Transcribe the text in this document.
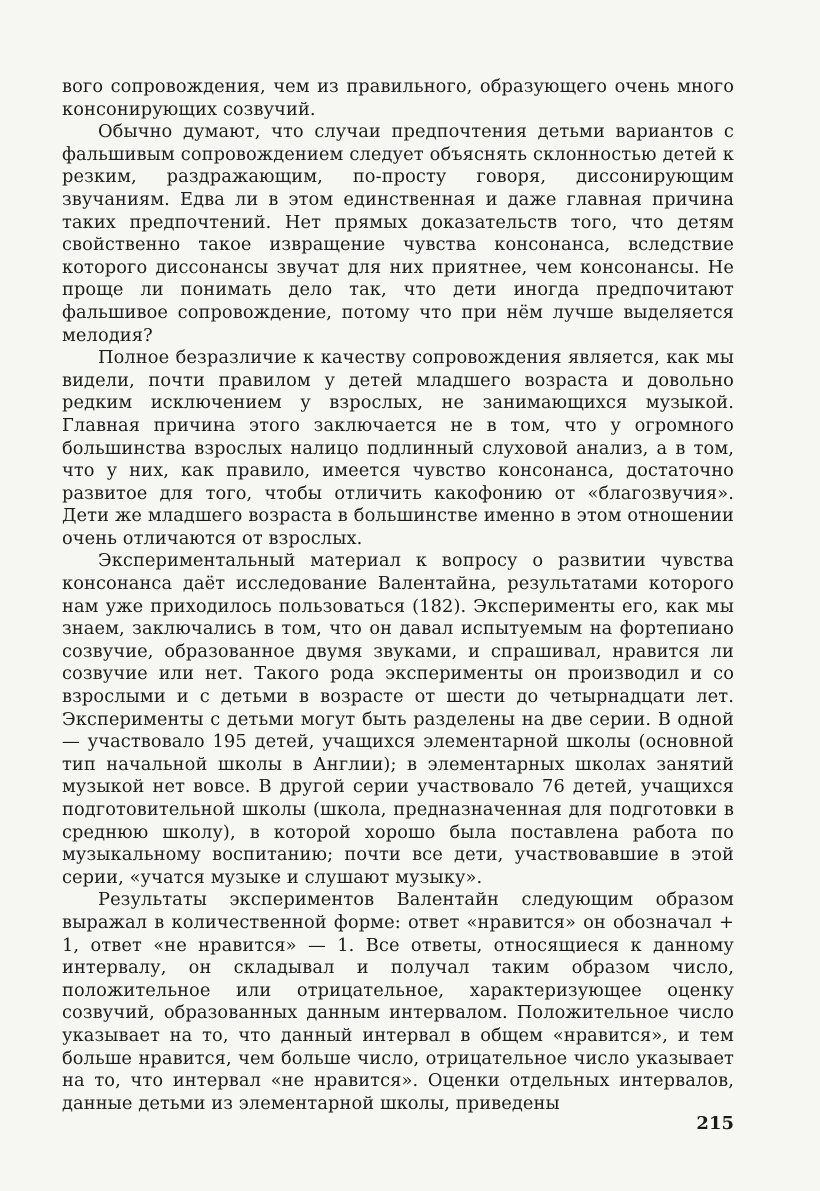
вого сопровождения, чем из правильного, образующего очень много консонирующих созвучий.

Обычно думают, что случаи предпочтения детьми вариантов с фальшивым сопровождением следует объяснять склонностью детей к резким, раздражающим, по-просту говоря, диссонирующим звучаниям. Едва ли в этом единственная и даже главная причина таких предпочтений. Нет прямых доказательств того, что детям свойственно такое извращение чувства консонанса, вследствие которого диссонансы звучат для них приятнее, чем консонансы. Не проще ли понимать дело так, что дети иногда предпочитают фальшивое сопровождение, потому что при нём лучше выделяется мелодия?

Полное безразличие к качеству сопровождения является, как мы видели, почти правилом у детей младшего возраста и довольно редким исключением у взрослых, не занимающихся музыкой. Главная причина этого заключается не в том, что у огромного большинства взрослых налицо подлинный слуховой анализ, а в том, что у них, как правило, имеется чувство консонанса, достаточно развитое для того, чтобы отличить какофонию от «благозвучия». Дети же младшего возраста в большинстве именно в этом отношении очень отличаются от взрослых.

Экспериментальный материал к вопросу о развитии чувства консонанса даёт исследование Валентайна, результатами которого нам уже приходилось пользоваться (182). Эксперименты его, как мы знаем, заключались в том, что он давал испытуемым на фортепиано созвучие, образованное двумя звуками, и спрашивал, нравится ли созвучие или нет. Такого рода эксперименты он производил и со взрослыми и с детьми в возрасте от шести до четырнадцати лет. Эксперименты с детьми могут быть разделены на две серии. В одной — участвовало 195 детей, учащихся элементарной школы (основной тип начальной школы в Англии); в элементарных школах занятий музыкой нет вовсе. В другой серии участвовало 76 детей, учащихся подготовительной школы (школа, предназначенная для подготовки в среднюю школу), в которой хорошо была поставлена работа по музыкальному воспитанию; почти все дети, участвовавшие в этой серии, «учатся музыке и слушают музыку».

Результаты экспериментов Валентайн следующим образом выражал в количественной форме: ответ «нравится» он обозначал + 1, ответ «не нравится» — 1. Все ответы, относящиеся к данному интервалу, он складывал и получал таким образом число, положительное или отрицательное, характеризующее оценку созвучий, образованных данным интервалом. Положительное число указывает на то, что данный интервал в общем «нравится», и тем больше нравится, чем больше число, отрицательное число указывает на то, что интервал «не нравится». Оценки отдельных интервалов, данные детьми из элементарной школы, приведены

215
